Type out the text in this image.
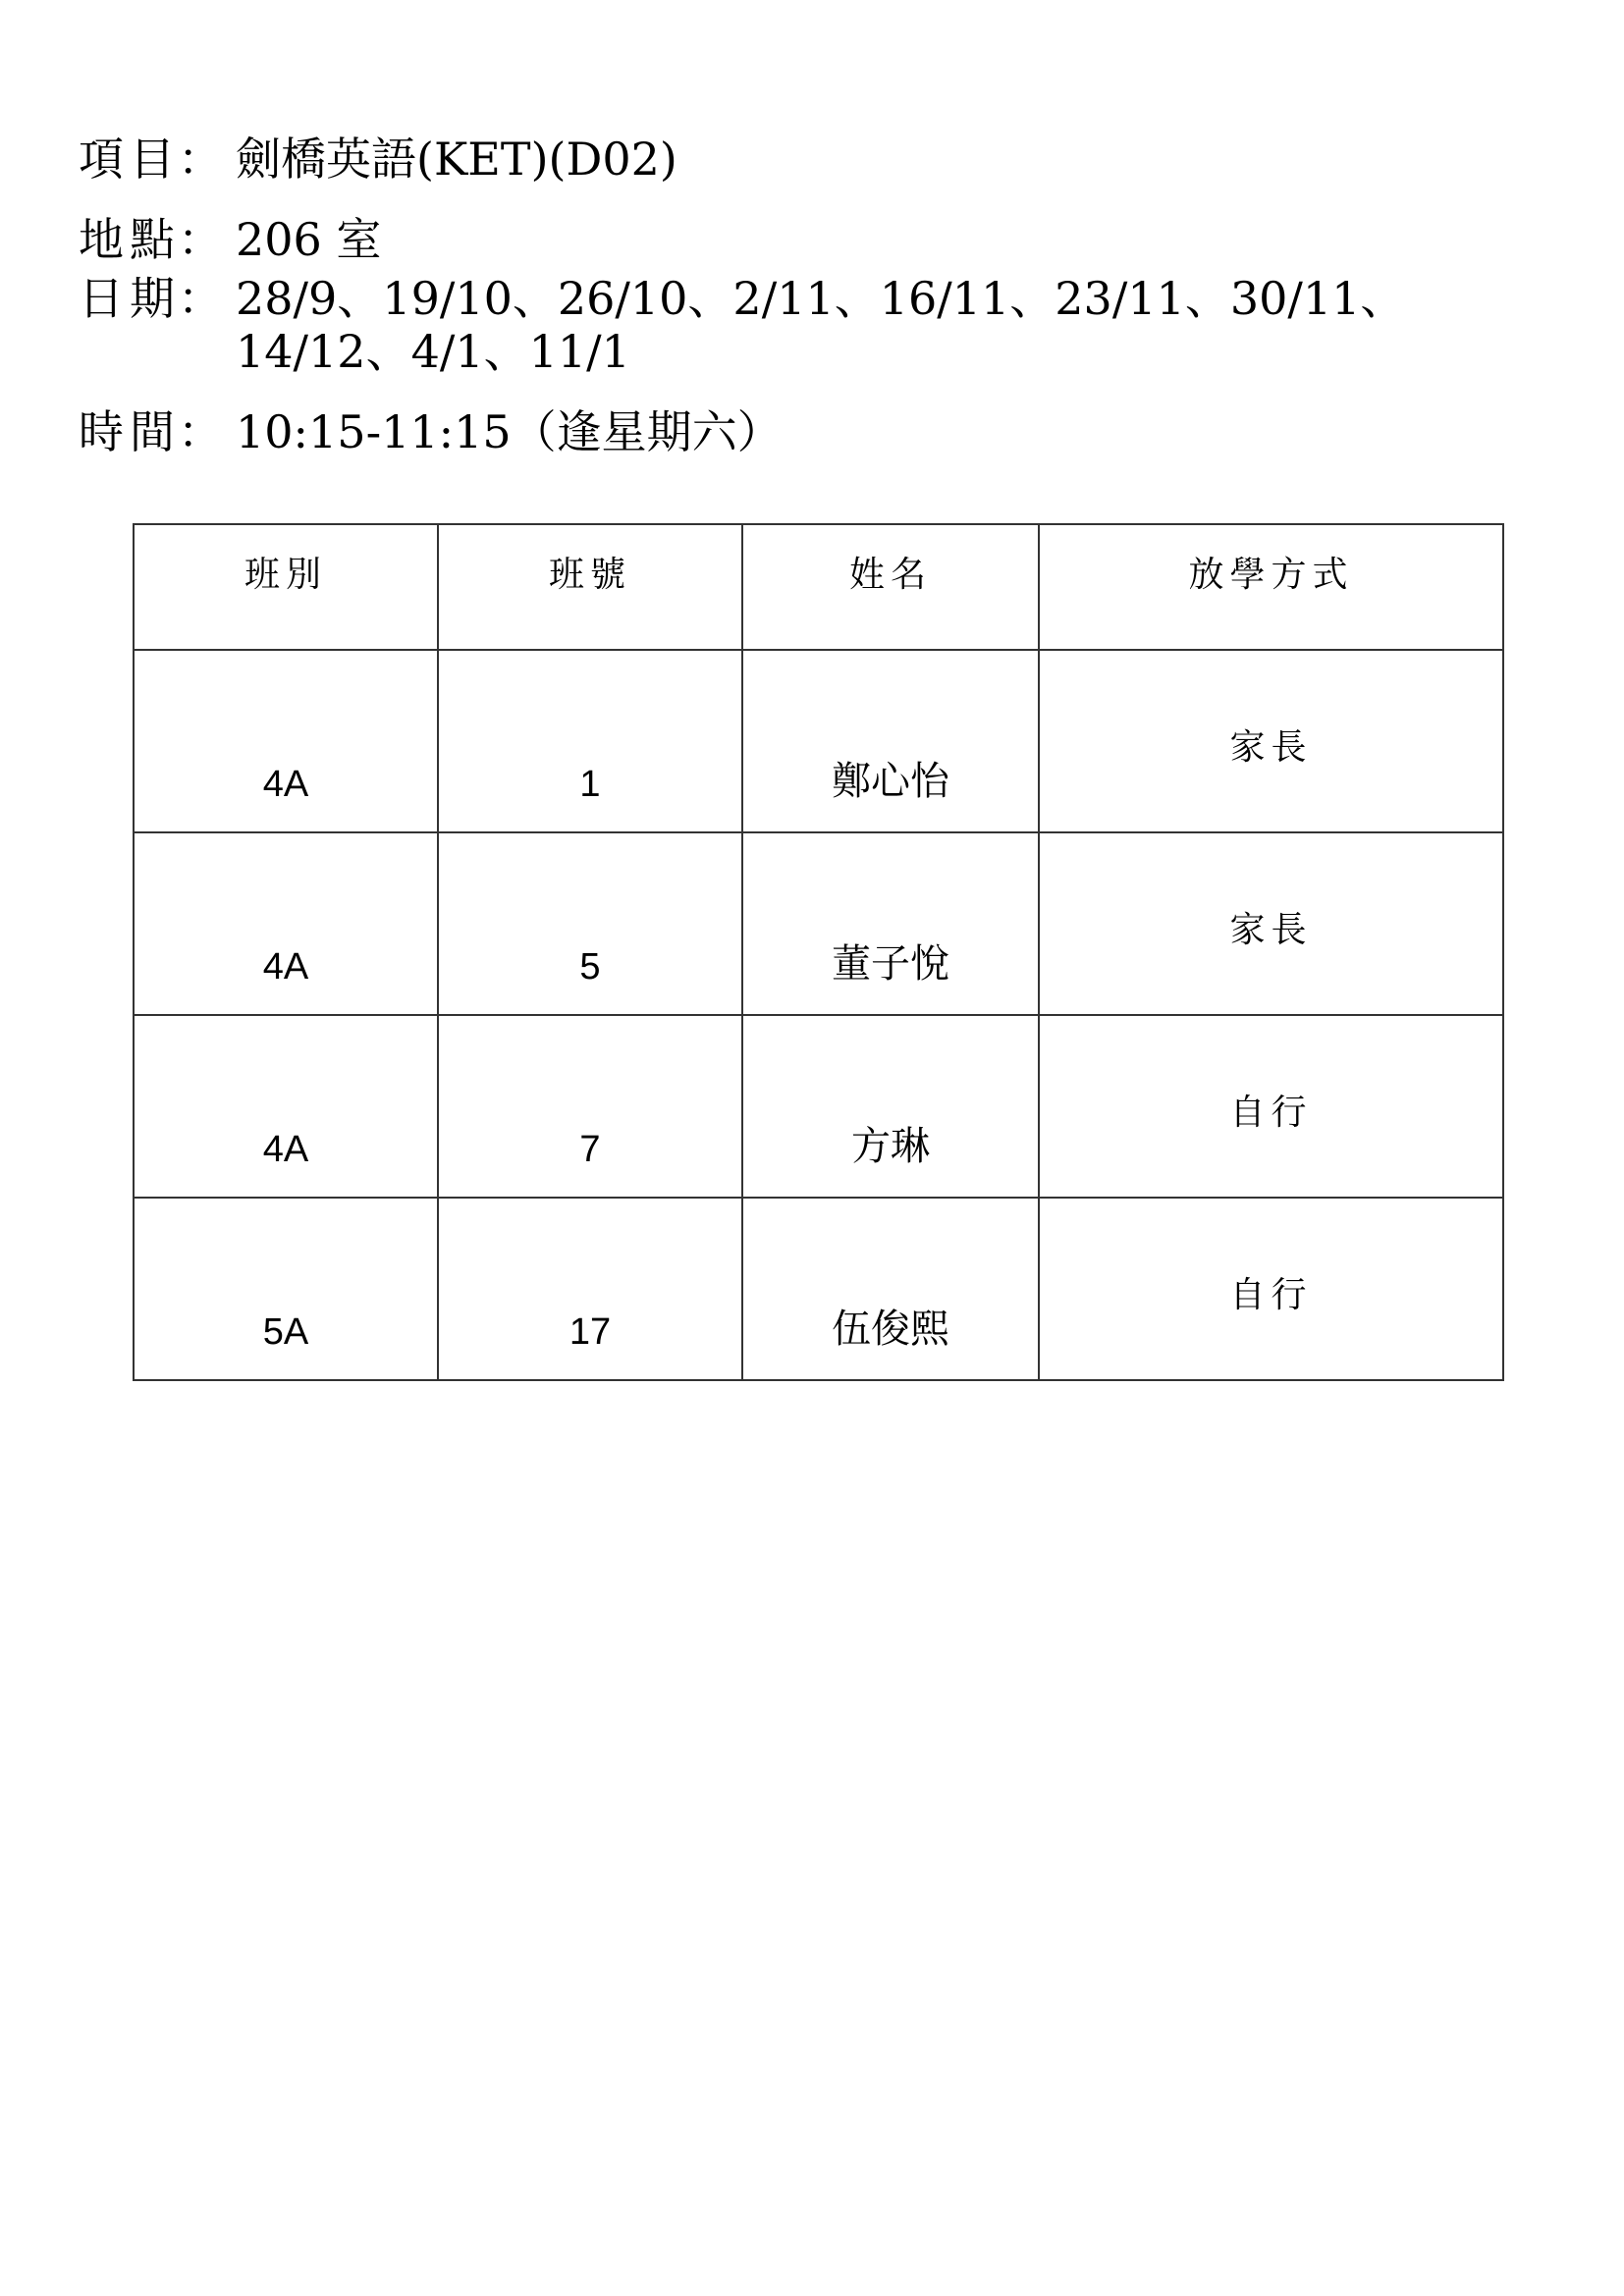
項目
： 劍橋英語(KET)(D02)
地點
： 206 室
日期
： 28/9、19/10、26/10、2/11、16/11、23/11、30/11、14/12、4/1、11/1
時間
： 10:15-11:15（逢星期六）
班別	班號	姓名	放學方式

4A	1	鄭心怡	家長

4A	5	董子悅	家長

4A	7	方琳	自行

5A	17	伍俊熙	自行
